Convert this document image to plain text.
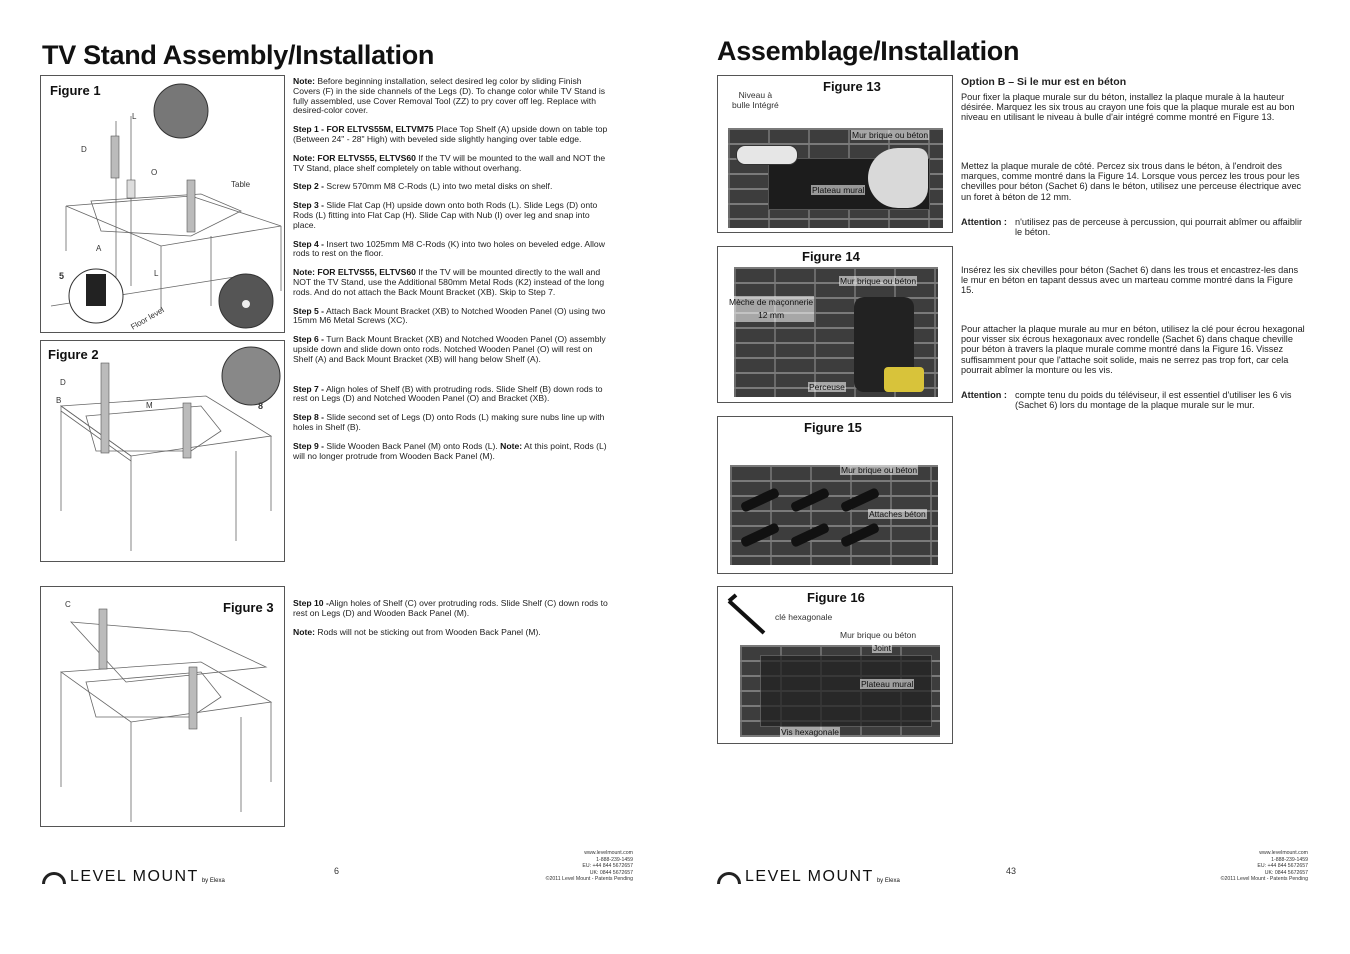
TV Stand Assembly/Installation
Figure 1
L
D
O
Table
A
5	L
Floor level
Figure 2
D
B
M	8
Figure 3
C

Note: Before beginning installation, select desired leg color by sliding Finish Covers (F) in the side channels of the Legs (D). To change color while TV Stand is fully assembled, use Cover Removal Tool (ZZ) to pry cover off leg. Replace with desired-color cover.

Step 1 - FOR ELTVS55M, ELTVM75 Place Top Shelf (A) upside down on table top (Between 24" - 28" High) with beveled side slightly hanging over table edge.

Note: FOR ELTVS55, ELTVS60 If the TV will be mounted to the wall and NOT the TV Stand, place shelf completely on table without overhang.

Step 2 - Screw 570mm M8 C-Rods (L) into two metal disks on shelf.

Step 3 - Slide Flat Cap (H) upside down onto both Rods (L). Slide Legs (D) onto Rods (L) fitting into Flat Cap (H). Slide Cap with Nub (I) over leg and snap into place.

Step 4 - Insert two 1025mm M8 C-Rods (K) into two holes on beveled edge. Allow rods to rest on the floor.

Note: FOR ELTVS55, ELTVS60 If the TV will be mounted directly to the wall and NOT the TV Stand, use the Additional 580mm Metal Rods (K2) instead of the long rods. And do not attach the Back Mount Bracket (XB). Skip to Step 7.

Step 5 - Attach Back Mount Bracket (XB) to Notched Wooden Panel (O) using two 15mm M6 Metal Screws (XC).

Step 6 - Turn Back Mount Bracket (XB) and Notched Wooden Panel (O) assembly upside down and slide down onto rods. Notched Wooden Panel (O) will rest on Shelf (A) and Back Mount Bracket (XB) will hang below Shelf (A).

Step 7 - Align holes of Shelf (B) with protruding rods. Slide Shelf (B) down rods to rest on Legs (D) and Notched Wooden Panel (O) and Bracket (XB).

Step 8 - Slide second set of Legs (D) onto Rods (L) making sure nubs line up with holes in Shelf (B).

Step 9 - Slide Wooden Back Panel (M) onto Rods (L). Note: At this point, Rods (L) will no longer protrude from Wooden Back Panel (M).

Step 10 -Align holes of Shelf (C) over protruding rods. Slide Shelf (C) down rods to rest on Legs (D) and Wooden Back Panel (M).

Note: Rods will not be sticking out from Wooden Back Panel (M).

LEVEL MOUNT by Elexa
6
www.levelmount.com
1-888-239-1459
EU: +44 844 5672657
UK: 0844 5672657
©2011 Level Mount - Patents Pending
Assemblage/Installation
Figure 13
Niveau à
bulle Intégré
Mur brique ou béton
Plateau mural
Figure 14
Mur brique ou béton
Mèche de maçonnerie
12 mm
Perceuse
Figure 15
Mur brique ou béton
Attaches béton
Figure 16
clé hexagonale
Mur brique ou béton
Joint
Plateau mural
Vis hexagonale
Option B – Si le mur est en béton
Pour fixer la plaque murale sur du béton, installez la plaque murale à la hauteur désirée. Marquez les six trous au crayon une fois que la plaque murale est au bon niveau en utilisant le niveau à bulle d'air intégré comme montré en Figure 13.
Mettez la plaque murale de côté. Percez six trous dans le béton, à l'endroit des marques, comme montré dans la Figure 14. Lorsque vous percez les trous pour les chevilles pour béton (Sachet 6) dans le béton, utilisez une perceuse électrique avec un foret à béton de 12 mm.
Attention : n'utilisez pas de perceuse à percussion, qui pourrait abîmer ou affaiblir le béton.
Insérez les six chevilles pour béton (Sachet 6) dans les trous et encastrez-les dans le mur en béton en tapant dessus avec un marteau comme montré dans la Figure 15.
Pour attacher la plaque murale au mur en béton, utilisez la clé pour écrou hexagonal pour visser six écrous hexagonaux avec rondelle (Sachet 6) dans chaque cheville pour béton à travers la plaque murale comme montré dans la Figure 16. Vissez suffisamment pour que l'attache soit solide, mais ne serrez pas trop fort, car cela pourrait abîmer la monture ou les vis.
Attention : compte tenu du poids du téléviseur, il est essentiel d'utiliser les 6 vis (Sachet 6) lors du montage de la plaque murale sur le mur.
LEVEL MOUNT by Elexa
43
www.levelmount.com
1-888-239-1459
EU: +44 844 5672657
UK: 0844 5672657
©2011 Level Mount - Patents Pending
